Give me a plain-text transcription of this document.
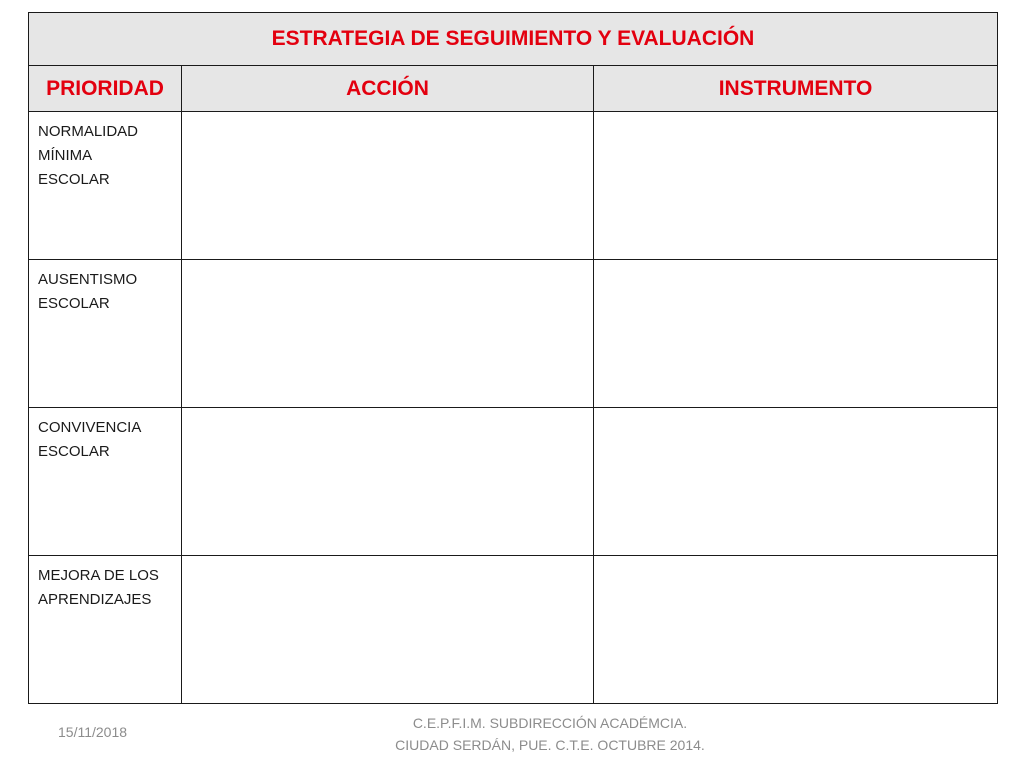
ESTRATEGIA DE SEGUIMIENTO Y EVALUACIÓN		
PRIORIDAD	ACCIÓN	INSTRUMENTO

NORMALIDAD
MÍNIMA
ESCOLAR		

AUSENTISMO
ESCOLAR		

CONVIVENCIA
ESCOLAR		

MEJORA DE LOS
APRENDIZAJES		

15/11/2018
C.E.P.F.I.M. SUBDIRECCIÓN ACADÉMCIA.
CIUDAD SERDÁN, PUE. C.T.E. OCTUBRE 2014.
